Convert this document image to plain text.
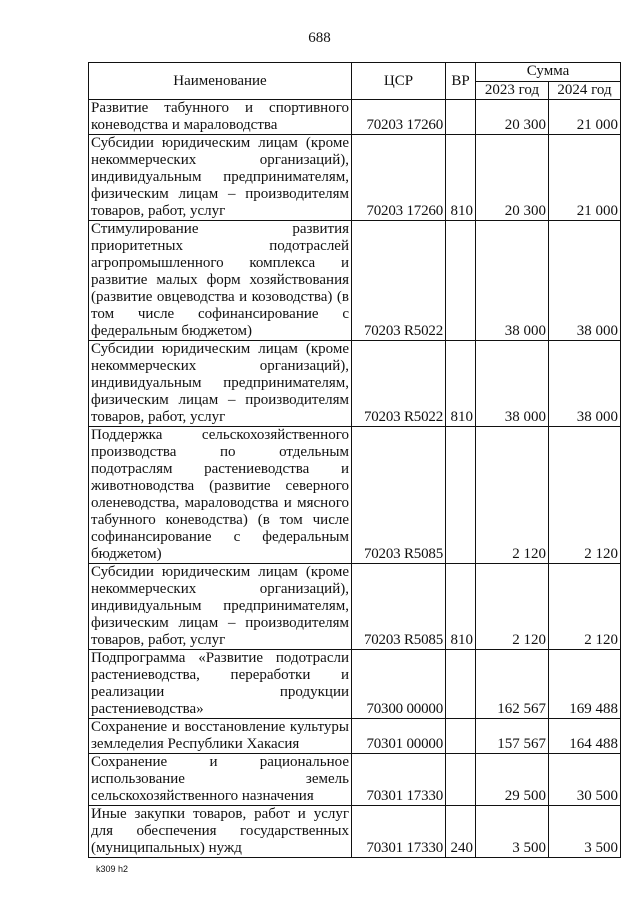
688
Наименование	ЦСР	ВР	Сумма	
			2023 год	2024 год
Развитие табунного и спортивного коневодства и мараловодства	70203 17260		20 300	21 000
Субсидии юридическим лицам (кроме некоммерческих организаций), индивидуальным предпринимателям, физическим лицам – производителям товаров, работ, услуг	70203 17260	810	20 300	21 000
Стимулирование развития приоритетных подотраслей агропромышленного комплекса и развитие малых форм хозяйствования (развитие овцеводства и козоводства) (в том числе софинансирование с федеральным бюджетом)	70203 R5022		38 000	38 000
Субсидии юридическим лицам (кроме некоммерческих организаций), индивидуальным предпринимателям, физическим лицам – производителям товаров, работ, услуг	70203 R5022	810	38 000	38 000
Поддержка сельскохозяйственного производства по отдельным подотраслям растениеводства и животноводства (развитие северного оленеводства, мараловодства и мясного табунного коневодства) (в том числе софинансирование с федеральным бюджетом)	70203 R5085		2 120	2 120
Субсидии юридическим лицам (кроме некоммерческих организаций), индивидуальным предпринимателям, физическим лицам – производителям товаров, работ, услуг	70203 R5085	810	2 120	2 120
Подпрограмма «Развитие подотрасли растениеводства, переработки и реализации продукции растениеводства»	70300 00000		162 567	169 488
Сохранение и восстановление культуры земледелия Республики Хакасия	70301 00000		157 567	164 488
Сохранение и рациональное использование земель сельскохозяйственного назначения	70301 17330		29 500	30 500
Иные закупки товаров, работ и услуг для обеспечения государственных (муниципальных) нужд	70301 17330	240	3 500	3 500
k309 h2
